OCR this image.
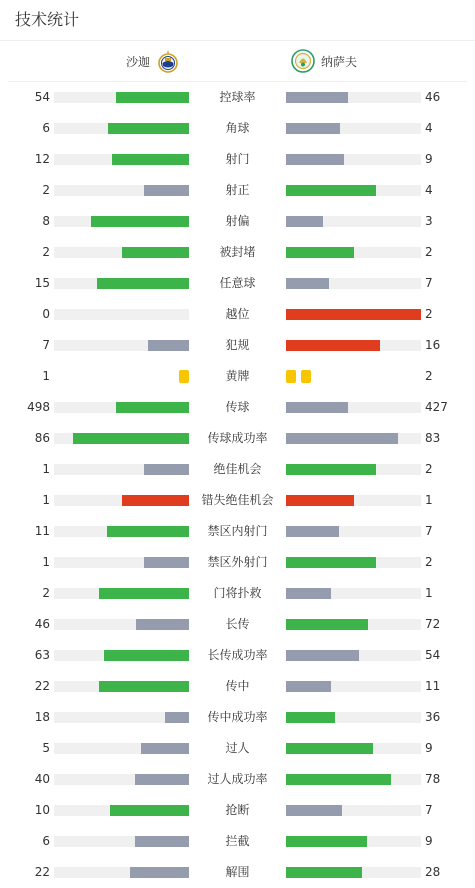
技术统计
沙迦	纳萨夫
54	控球率	46
6	角球	4
12	射门	9
2	射正	4
8	射偏	3
2	被封堵	2
15	任意球	7
0	越位	2
7	犯规	16
1	黄牌	2
498	传球	427
86	传球成功率	83
1	绝佳机会	2
1	错失绝佳机会	1
11	禁区内射门	7
1	禁区外射门	2
2	门将扑救	1
46	长传	72
63	长传成功率	54
22	传中	11
18	传中成功率	36
5	过人	9
40	过人成功率	78
10	抢断	7
6	拦截	9
22	解围	28
